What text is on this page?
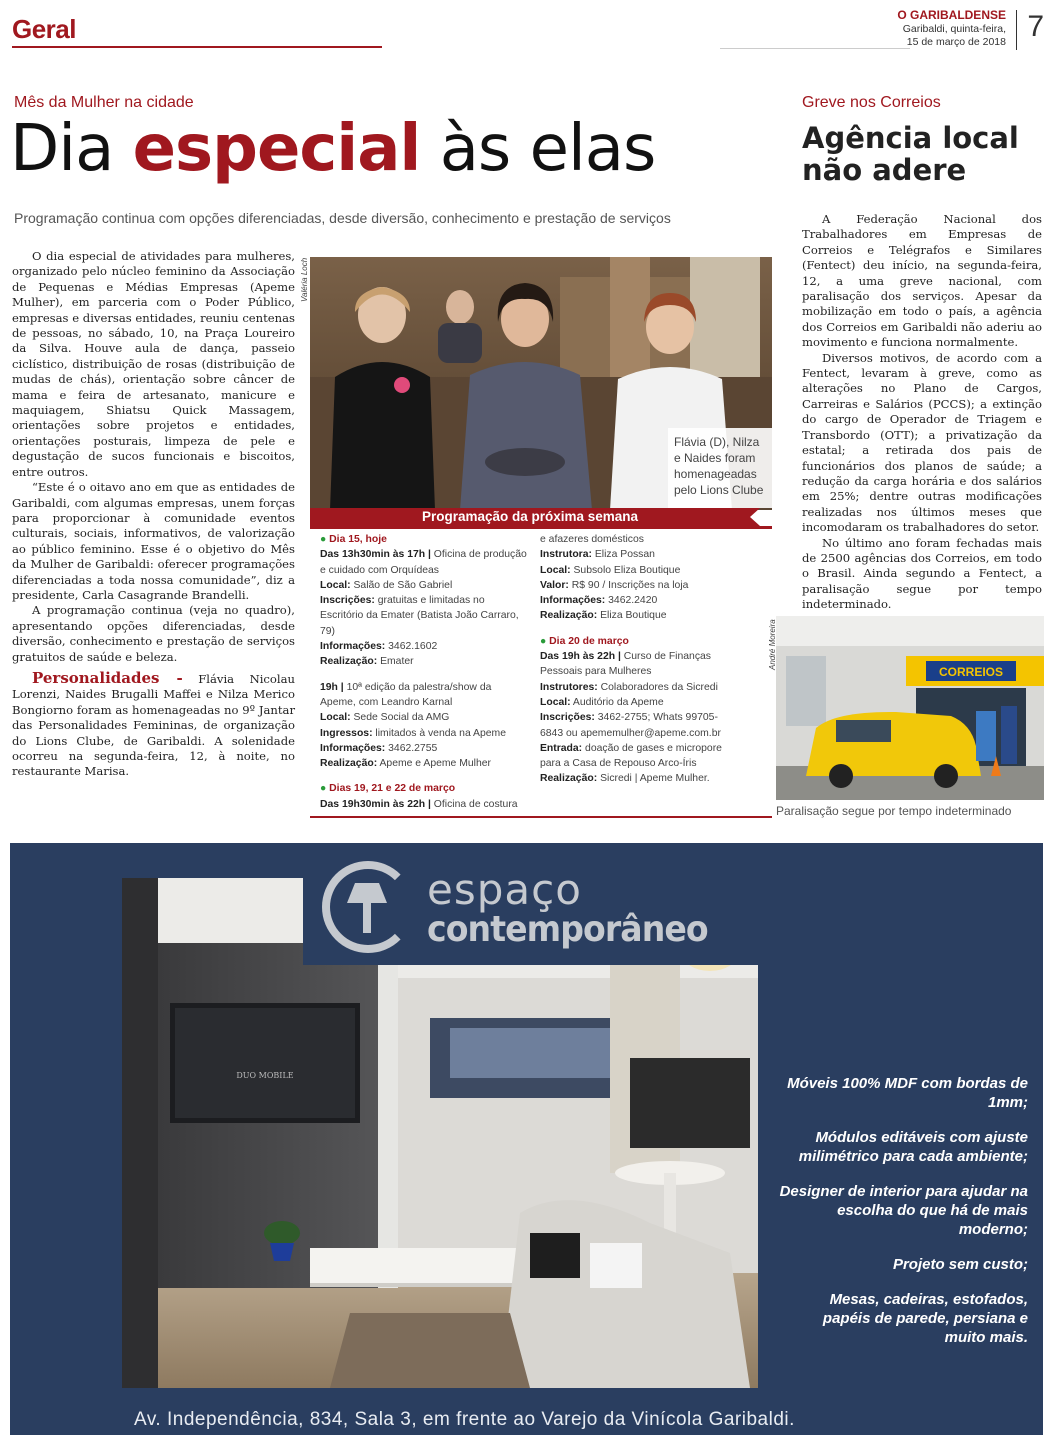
Geral	O GARIBALDENSE
Garibaldi, quinta-feira,
15 de março de 2018 7
Mês da Mulher na cidade
Dia especial às elas
Programação continua com opções diferenciadas, desde diversão, conhecimento e prestação de serviços

O dia especial de atividades para mulheres, organizado pelo núcleo feminino da Associação de Pequenas e Médias Empresas (Apeme Mulher), em parceria com o Poder Público, empresas e diversas entidades, reuniu centenas de pessoas, no sábado, 10, na Praça Loureiro da Silva. Houve aula de dança, passeio ciclístico, distribuição de rosas (distribuição de mudas de chás), orientação sobre câncer de mama e feira de artesanato, manicure e maquiagem, Shiatsu Quick Massagem, orientações sobre projetos e entidades, orientações posturais, limpeza de pele e degustação de sucos funcionais e biscoitos, entre outros.

“Este é o oitavo ano em que as entidades de Garibaldi, com algumas empresas, unem forças para proporcionar à comunidade eventos culturais, sociais, informativos, de valorização ao público feminino. Esse é o objetivo do Mês da Mulher de Garibaldi: oferecer programações diferenciadas a toda nossa comunidade”, diz a presidente, Carla Casagrande Brandelli.

A programação continua (veja no quadro), apresentando opções diferenciadas, desde diversão, conhecimento e prestação de serviços gratuitos de saúde e beleza.

Personalidades - Flávia Nicolau Lorenzi, Naides Brugalli Maffei e Nilza Merico Bongiorno foram as homenageadas no 9º Jantar das Personalidades Femininas, de organização do Lions Clube, de Garibaldi. A solenidade ocorreu na segunda-feira, 12, à noite, no restaurante Marisa.

Valéria Loch
Flávia (D), Nilza e Naides foram homenageadas pelo Lions Clube
Programação da próxima semana
● Dia 15, hoje
Das 13h30min às 17h | Oficina de produção e cuidado com Orquídeas
Local: Salão de São Gabriel
Inscrições: gratuitas e limitadas no Escritório da Emater (Batista João Carraro, 79)
Informações: 3462.1602
Realização: Emater
19h | 10ª edição da palestra/show da Apeme, com Leandro Karnal
Local: Sede Social da AMG
Ingressos: limitados à venda na Apeme
Informações: 3462.2755
Realização: Apeme e Apeme Mulher
● Dias 19, 21 e 22 de março
Das 19h30min às 22h | Oficina de costura
e afazeres domésticos
Instrutora: Eliza Possan
Local: Subsolo Eliza Boutique
Valor: R$ 90 / Inscrições na loja
Informações: 3462.2420
Realização: Eliza Boutique
● Dia 20 de março
Das 19h às 22h | Curso de Finanças Pessoais para Mulheres
Instrutores: Colaboradores da Sicredi
Local: Auditório da Apeme
Inscrições: 3462-2755; Whats 99705-6843 ou apememulher@apeme.com.br
Entrada: doação de gases e micropore para a Casa de Repouso Arco-Íris
Realização: Sicredi | Apeme Mulher.
Greve nos Correios
Agência local
não adere

A Federação Nacional dos Trabalhadores em Empresas de Correios e Telégrafos e Similares (Fentect) deu início, na segunda-feira, 12, a uma greve nacional, com paralisação dos serviços. Apesar da mobilização em todo o país, a agência dos Correios em Garibaldi não aderiu ao movimento e funciona normalmente.

Diversos motivos, de acordo com a Fentect, levaram à greve, como as alterações no Plano de Cargos, Carreiras e Salários (PCCS); a extinção do cargo de Operador de Triagem e Transbordo (OTT); a privatização da estatal; a retirada dos pais de funcionários dos planos de saúde; a redução da carga horária e dos salários em 25%; dentre outras modificações realizadas nos últimos meses que incomodaram os trabalhadores do setor.

No último ano foram fechadas mais de 2500 agências dos Correios, em todo o Brasil. Ainda segundo a Fentect, a paralisação segue por tempo indeterminado.

CORREIOS
André Moreira
Paralisação segue por tempo indeterminado
DUO MOBILE
espaço
contemporâneo
Móveis 100% MDF com bordas de 1mm;
Módulos editáveis com ajuste milimétrico para cada ambiente;
Designer de interior para ajudar na escolha do que há de mais moderno;
Projeto sem custo;
Mesas, cadeiras, estofados, papéis de parede, persiana e muito mais.
Av. Independência, 834, Sala 3, em frente ao Varejo da Vinícola Garibaldi.
